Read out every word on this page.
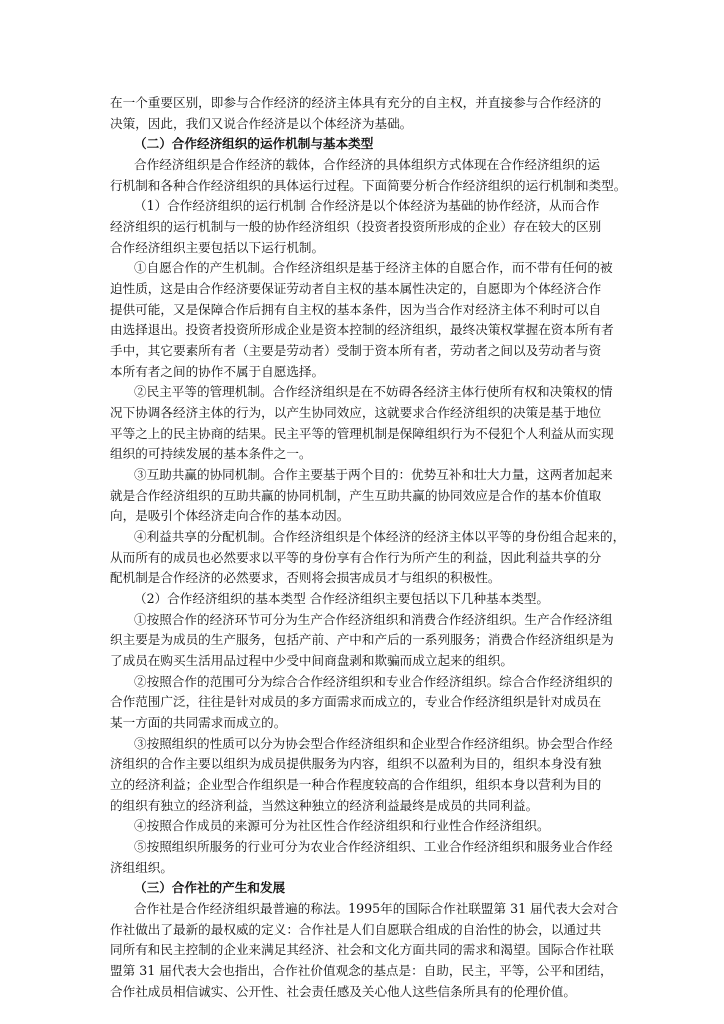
在一个重要区别，即参与合作经济的经济主体具有充分的自主权，并直接参与合作经济的
决策，因此，我们又说合作经济是以个体经济为基础。
（二）合作经济组织的运作机制与基本类型
合作经济组织是合作经济的载体，合作经济的具体组织方式体现在合作经济组织的运
行机制和各种合作经济组织的具体运行过程。下面简要分析合作经济组织的运行机制和类型。
（1）合作经济组织的运行机制 合作经济是以个体经济为基础的协作经济，从而合作
经济组织的运行机制与一般的协作经济组织（投资者投资所形成的企业）存在较大的区别
合作经济组织主要包括以下运行机制。
①自愿合作的产生机制。合作经济组织是基于经济主体的自愿合作，而不带有任何的被
迫性质，这是由合作经济要保证劳动者自主权的基本属性决定的，自愿即为个体经济合作
提供可能，又是保障合作后拥有自主权的基本条件，因为当合作对经济主体不利时可以自
由选择退出。投资者投资所形成企业是资本控制的经济组织，最终决策权掌握在资本所有者
手中，其它要素所有者（主要是劳动者）受制于资本所有者，劳动者之间以及劳动者与资
本所有者之间的协作不属于自愿选择。
②民主平等的管理机制。合作经济组织是在不妨碍各经济主体行使所有权和决策权的情
况下协调各经济主体的行为，以产生协同效应，这就要求合作经济组织的决策是基于地位
平等之上的民主协商的结果。民主平等的管理机制是保障组织行为不侵犯个人利益从而实现
组织的可持续发展的基本条件之一。
③互助共赢的协同机制。合作主要基于两个目的：优势互补和壮大力量，这两者加起来
就是合作经济组织的互助共赢的协同机制，产生互助共赢的协同效应是合作的基本价值取
向，是吸引个体经济走向合作的基本动因。
④利益共享的分配机制。合作经济组织是个体经济的经济主体以平等的身份组合起来的，
从而所有的成员也必然要求以平等的身份享有合作行为所产生的利益，因此利益共享的分
配机制是合作经济的必然要求，否则将会损害成员才与组织的积极性。
（2）合作经济组织的基本类型 合作经济组织主要包括以下几种基本类型。
①按照合作的经济环节可分为生产合作经济组织和消费合作经济组织。生产合作经济组
织主要是为成员的生产服务，包括产前、产中和产后的一系列服务；消费合作经济组织是为
了成员在购买生活用品过程中少受中间商盘剥和欺骗而成立起来的组织。
②按照合作的范围可分为综合合作经济组织和专业合作经济组织。综合合作经济组织的
合作范围广泛，往往是针对成员的多方面需求而成立的，专业合作经济组织是针对成员在
某一方面的共同需求而成立的。
③按照组织的性质可以分为协会型合作经济组织和企业型合作经济组织。协会型合作经
济组织的合作主要以组织为成员提供服务为内容，组织不以盈利为目的，组织本身没有独
立的经济利益；企业型合作组织是一种合作程度较高的合作组织，组织本身以营利为目的
的组织有独立的经济利益，当然这种独立的经济利益最终是成员的共同利益。
④按照合作成员的来源可分为社区性合作经济组织和行业性合作经济组织。
⑤按照组织所服务的行业可分为农业合作经济组织、工业合作经济组织和服务业合作经
济组组织。
（三）合作社的产生和发展
合作社是合作经济组织最普遍的称法。1995年的国际合作社联盟第 31 届代表大会对合
作社做出了最新的最权威的定义：合作社是人们自愿联合组成的自治性的协会，以通过共
同所有和民主控制的企业来满足其经济、社会和文化方面共同的需求和渴望。国际合作社联
盟第 31 届代表大会也指出，合作社价值观念的基点是：自助，民主，平等，公平和团结，
合作社成员相信诚实、公开性、社会责任感及关心他人这些信条所具有的伦理价值。
